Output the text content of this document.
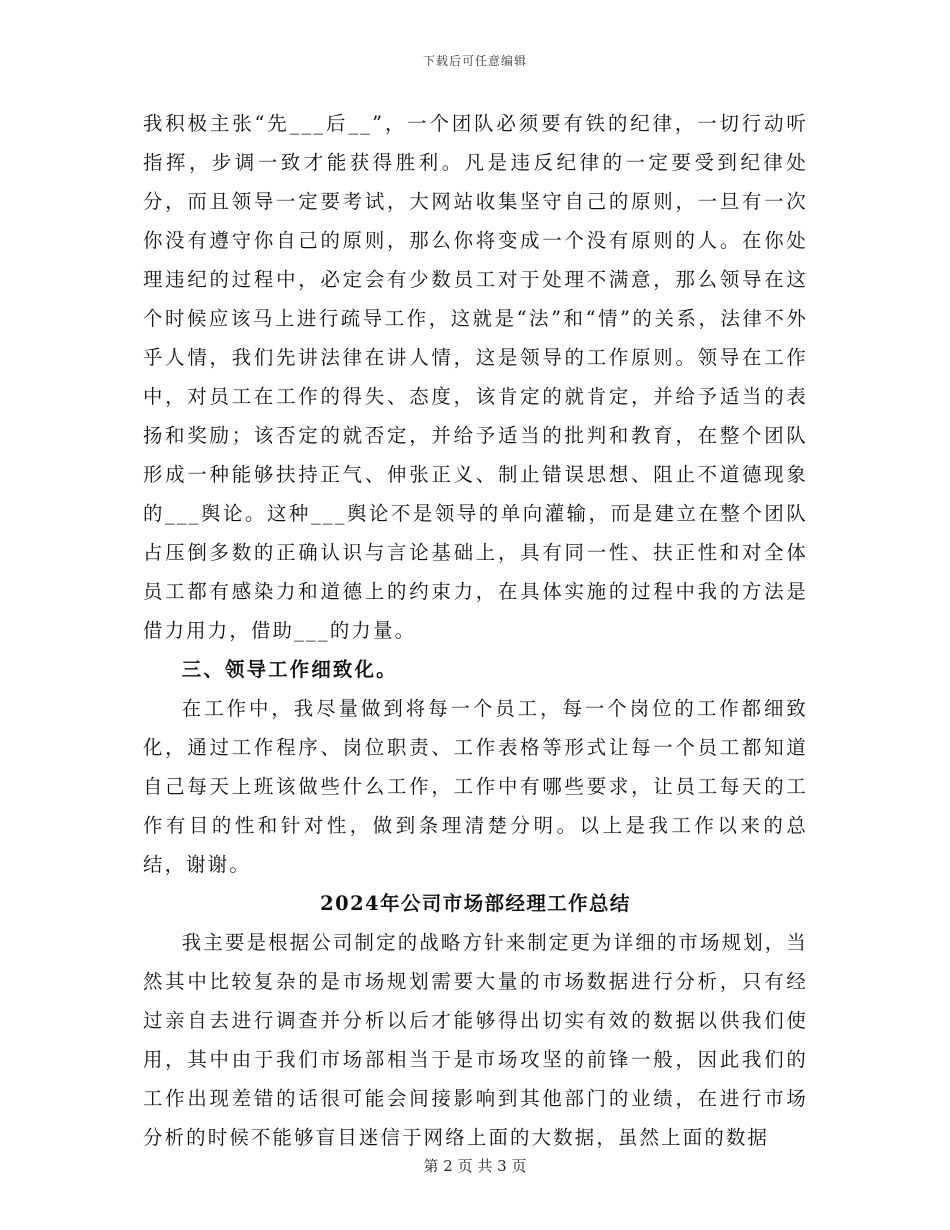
下载后可任意编辑

我积极主张“先___后__”，一个团队必须要有铁的纪律，一切行动听指挥，步调一致才能获得胜利。凡是违反纪律的一定要受到纪律处分，而且领导一定要考试，大网站收集坚守自己的原则，一旦有一次你没有遵守你自己的原则，那么你将变成一个没有原则的人。在你处理违纪的过程中，必定会有少数员工对于处理不满意，那么领导在这个时候应该马上进行疏导工作，这就是“法”和“情”的关系，法律不外乎人情，我们先讲法律在讲人情，这是领导的工作原则。领导在工作中，对员工在工作的得失、态度，该肯定的就肯定，并给予适当的表扬和奖励；该否定的就否定，并给予适当的批判和教育，在整个团队形成一种能够扶持正气、伸张正义、制止错误思想、阻止不道德现象的___舆论。这种___舆论不是领导的单向灌输，而是建立在整个团队占压倒多数的正确认识与言论基础上，具有同一性、扶正性和对全体员工都有感染力和道德上的约束力，在具体实施的过程中我的方法是借力用力，借助___的力量。

三、领导工作细致化。

在工作中，我尽量做到将每一个员工，每一个岗位的工作都细致化，通过工作程序、岗位职责、工作表格等形式让每一个员工都知道自己每天上班该做些什么工作，工作中有哪些要求，让员工每天的工作有目的性和针对性，做到条理清楚分明。以上是我工作以来的总结，谢谢。

2024年公司市场部经理工作总结

我主要是根据公司制定的战略方针来制定更为详细的市场规划，当然其中比较复杂的是市场规划需要大量的市场数据进行分析，只有经过亲自去进行调查并分析以后才能够得出切实有效的数据以供我们使用，其中由于我们市场部相当于是市场攻坚的前锋一般，因此我们的工作出现差错的话很可能会间接影响到其他部门的业绩，在进行市场分析的时候不能够盲目迷信于网络上面的大数据，虽然上面的数据

第 2 页 共 3 页
